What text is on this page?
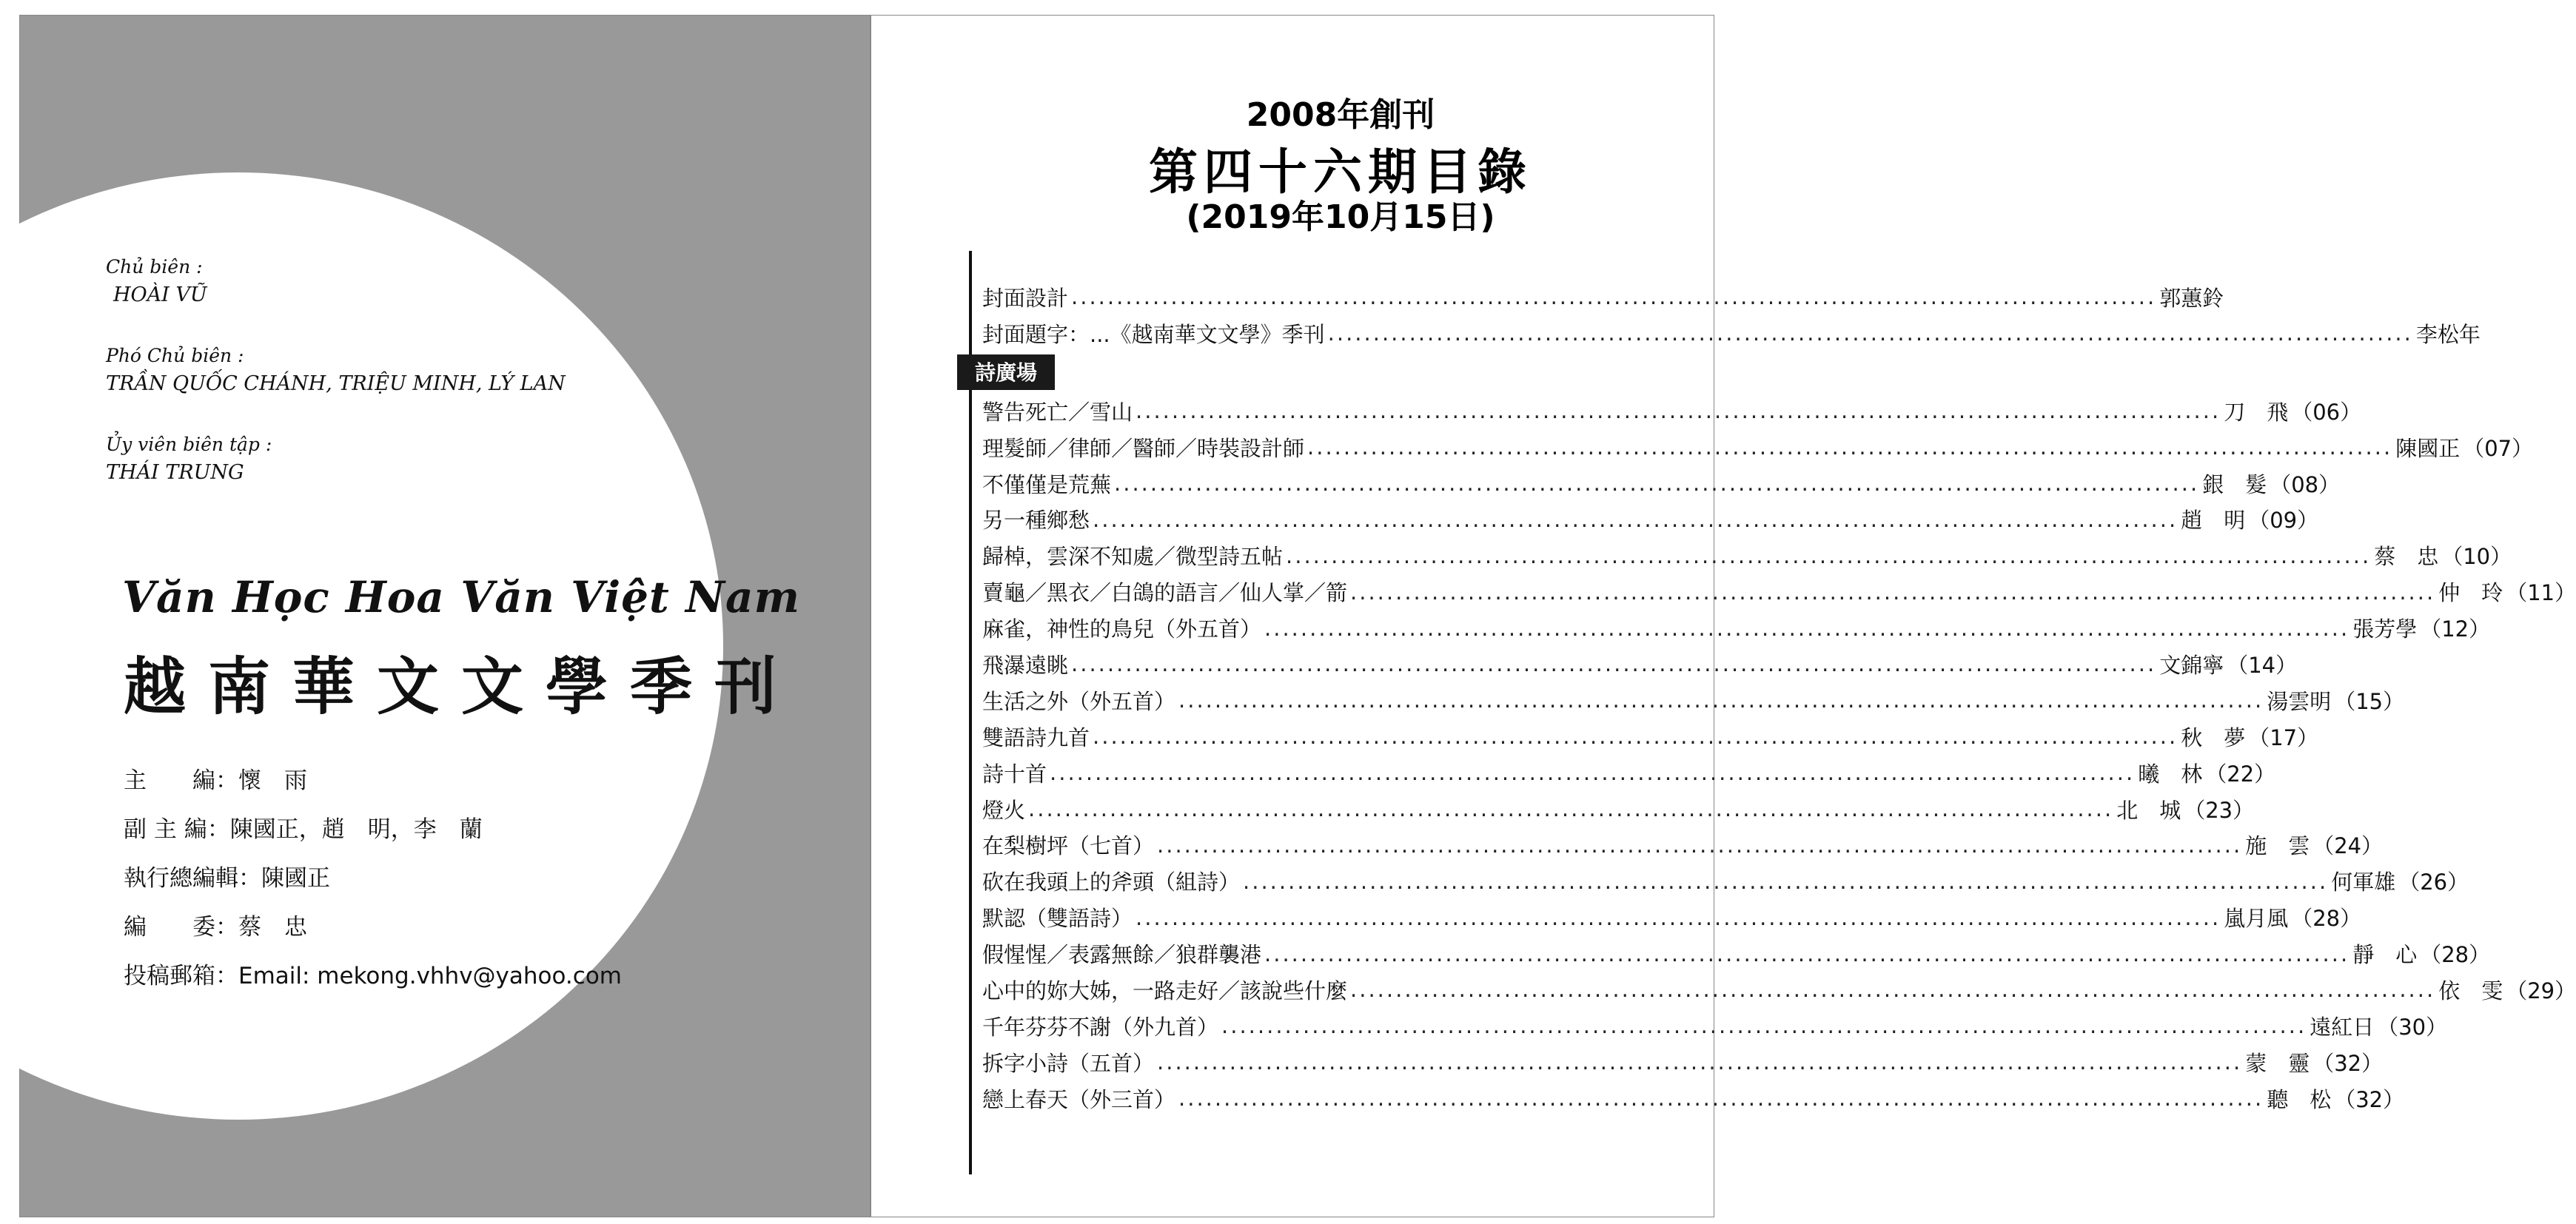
Chủ biên :
HOÀI VŨ
Phó Chủ biên :
TRẦN QUỐC CHÁNH, TRIỆU MINH, LÝ LAN
Ủy viên biên tập :
THÁI TRUNG
Văn Học Hoa Văn Việt Nam
越南華文文學季刊
主　　編：懷　雨
副 主 編：陳國正，趙　明，李　蘭
執行總編輯：陳國正
編　　委：蔡　忠
投稿郵箱：Email: mekong.vhhv@yahoo.com
2008年創刊
第四十六期目錄
(2019年10月15日)
封面設計 ........................................................................................................................ 郭蕙鈴
封面題字：...《越南華文文學》季刊 ........................................................................................................................ 李松年
詩廣場
警告死亡／雪山 ........................................................................................................................ 刀　飛 （06）
理髮師／律師／醫師／時裝設計師 ........................................................................................................................ 陳國正 （07）
不僅僅是荒蕪 ........................................................................................................................ 銀　髮 （08）
另一種鄉愁 ........................................................................................................................ 趙　明 （09）
歸棹，雲深不知處／微型詩五帖 ........................................................................................................................ 蔡　忠 （10）
賣龜／黑衣／白鴿的語言／仙人掌／箭 ........................................................................................................................ 仲　玲 （11）
麻雀，神性的鳥兒（外五首） ........................................................................................................................ 張芳學 （12）
飛瀑遠眺 ........................................................................................................................ 文錦寧 （14）
生活之外（外五首） ........................................................................................................................ 湯雲明 （15）
雙語詩九首 ........................................................................................................................ 秋　夢 （17）
詩十首 ........................................................................................................................ 曦　林 （22）
燈火 ........................................................................................................................ 北　城 （23）
在梨樹坪（七首） ........................................................................................................................ 施　雲 （24）
砍在我頭上的斧頭（組詩） ........................................................................................................................ 何軍雄 （26）
默認（雙語詩） ........................................................................................................................ 嵐月風 （28）
假惺惺／表露無餘／狼群襲港 ........................................................................................................................ 靜　心 （28）
心中的妳大姊，一路走好／該說些什麼 ........................................................................................................................ 依　雯 （29）
千年芬芬不謝（外九首） ........................................................................................................................ 遠紅日 （30）
拆字小詩（五首） ........................................................................................................................ 蒙　靈 （32）
戀上春天（外三首） ........................................................................................................................ 聽　松 （32）
